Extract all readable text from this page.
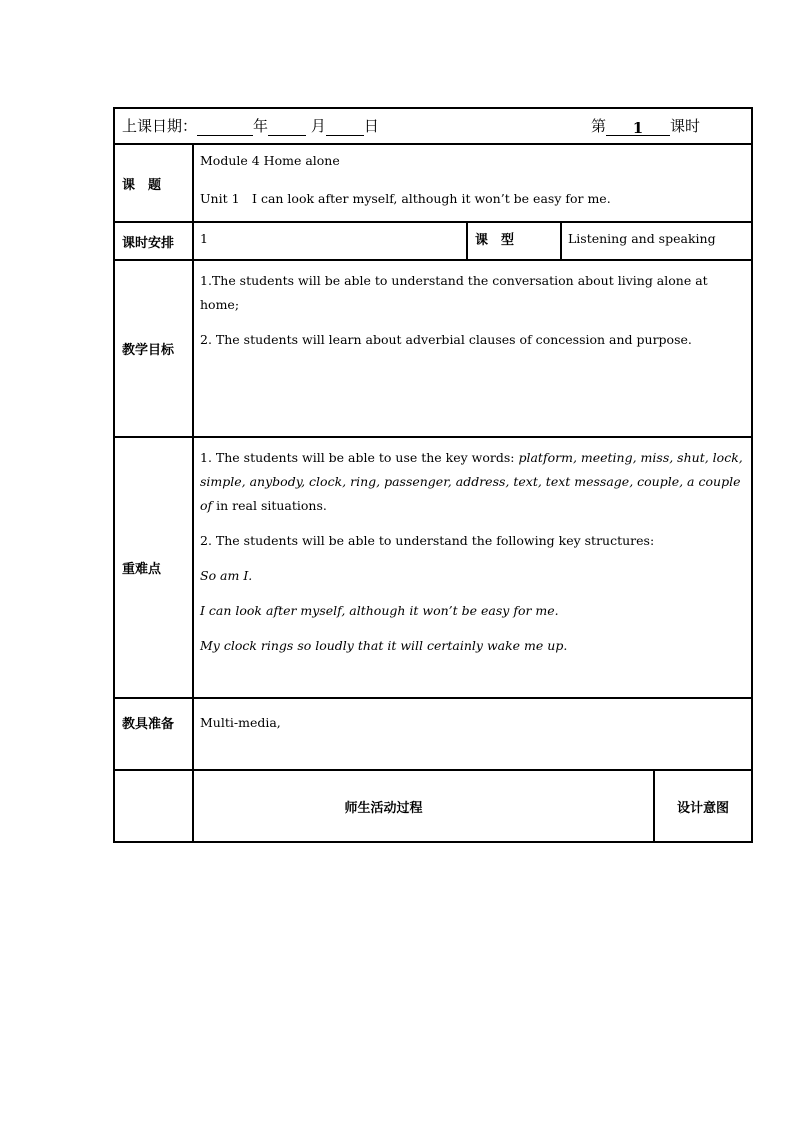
上课日期： 年 月 日 第 1 课时				

课　题	Module 4 Home alone

Unit 1　I can look after myself, although it won’t be easy for me.			

课时安排	1	课　型	Listening and speaking	
教学目标	1.The students will be able to understand the conversation about living alone at home;

2. The students will learn about adverbial clauses of concession and purpose.			

重难点	1. The students will be able to use the key words: platform, meeting, miss, shut, lock, simple, anybody, clock, ring, passenger, address, text, text message, couple, a couple of in real situations.

2. The students will be able to understand the following key structures:

So am I.

I can look after myself, although it won’t be easy for me.

My clock rings so loudly that it will certainly wake me up.			

教具准备	Multi-media,			
	师生活动过程			设计意图
